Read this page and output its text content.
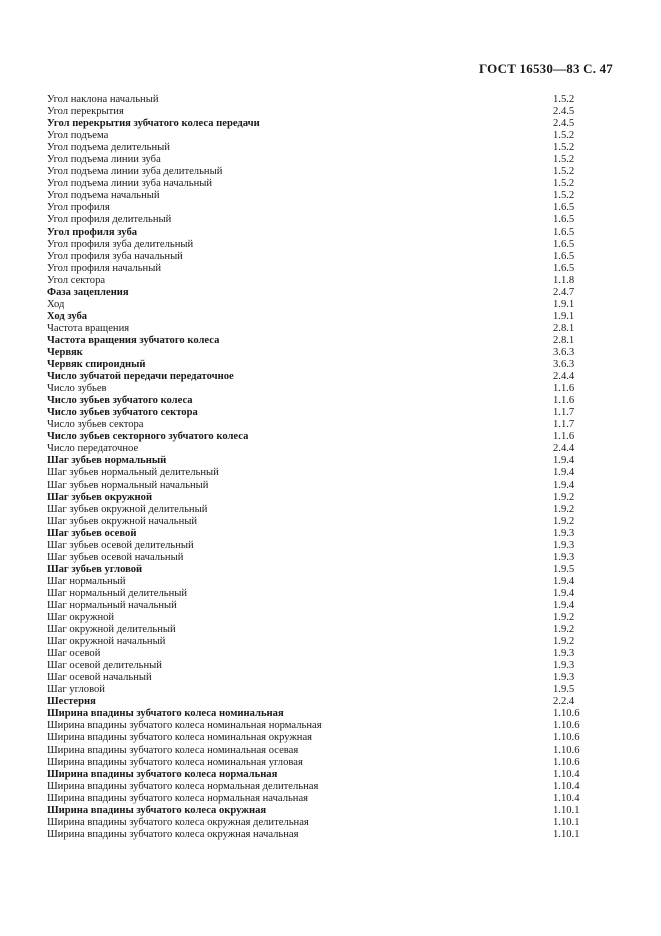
ГОСТ 16530—83 С. 47
Угол наклона начальный	1.5.2
Угол перекрытия	2.4.5
Угол перекрытия зубчатого колеса передачи	2.4.5
Угол подъема	1.5.2
Угол подъема делительный	1.5.2
Угол подъема линии зуба	1.5.2
Угол подъема линии зуба делительный	1.5.2
Угол подъема линии зуба начальный	1.5.2
Угол подъема начальный	1.5.2
Угол профиля	1.6.5
Угол профиля делительный	1.6.5
Угол профиля зуба	1.6.5
Угол профиля зуба делительный	1.6.5
Угол профиля зуба начальный	1.6.5
Угол профиля начальный	1.6.5
Угол сектора	1.1.8
Фаза зацепления	2.4.7
Ход	1.9.1
Ход зуба	1.9.1
Частота вращения	2.8.1
Частота вращения зубчатого колеса	2.8.1
Червяк	3.6.3
Червяк спироидный	3.6.3
Число зубчатой передачи передаточное	2.4.4
Число зубьев	1.1.6
Число зубьев зубчатого колеса	1.1.6
Число зубьев зубчатого сектора	1.1.7
Число зубьев сектора	1.1.7
Число зубьев секторного зубчатого колеса	1.1.6
Число передаточное	2.4.4
Шаг зубьев нормальный	1.9.4
Шаг зубьев нормальный делительный	1.9.4
Шаг зубьев нормальный начальный	1.9.4
Шаг зубьев окружной	1.9.2
Шаг зубьев окружной делительный	1.9.2
Шаг зубьев окружной начальный	1.9.2
Шаг зубьев осевой	1.9.3
Шаг зубьев осевой делительный	1.9.3
Шаг зубьев осевой начальный	1.9.3
Шаг зубьев угловой	1.9.5
Шаг нормальный	1.9.4
Шаг нормальный делительный	1.9.4
Шаг нормальный начальный	1.9.4
Шаг окружной	1.9.2
Шаг окружной делительный	1.9.2
Шаг окружной начальный	1.9.2
Шаг осевой	1.9.3
Шаг осевой делительный	1.9.3
Шаг осевой начальный	1.9.3
Шаг угловой	1.9.5
Шестерня	2.2.4
Ширина впадины зубчатого колеса номинальная	1.10.6
Ширина впадины зубчатого колеса номинальная нормальная	1.10.6
Ширина впадины зубчатого колеса номинальная окружная	1.10.6
Ширина впадины зубчатого колеса номинальная осевая	1.10.6
Ширина впадины зубчатого колеса номинальная угловая	1.10.6
Ширина впадины зубчатого колеса нормальная	1.10.4
Ширина впадины зубчатого колеса нормальная делительная	1.10.4
Ширина впадины зубчатого колеса нормальная начальная	1.10.4
Ширина впадины зубчатого колеса окружная	1.10.1
Ширина впадины зубчатого колеса окружная делительная	1.10.1
Ширина впадины зубчатого колеса окружная начальная	1.10.1
